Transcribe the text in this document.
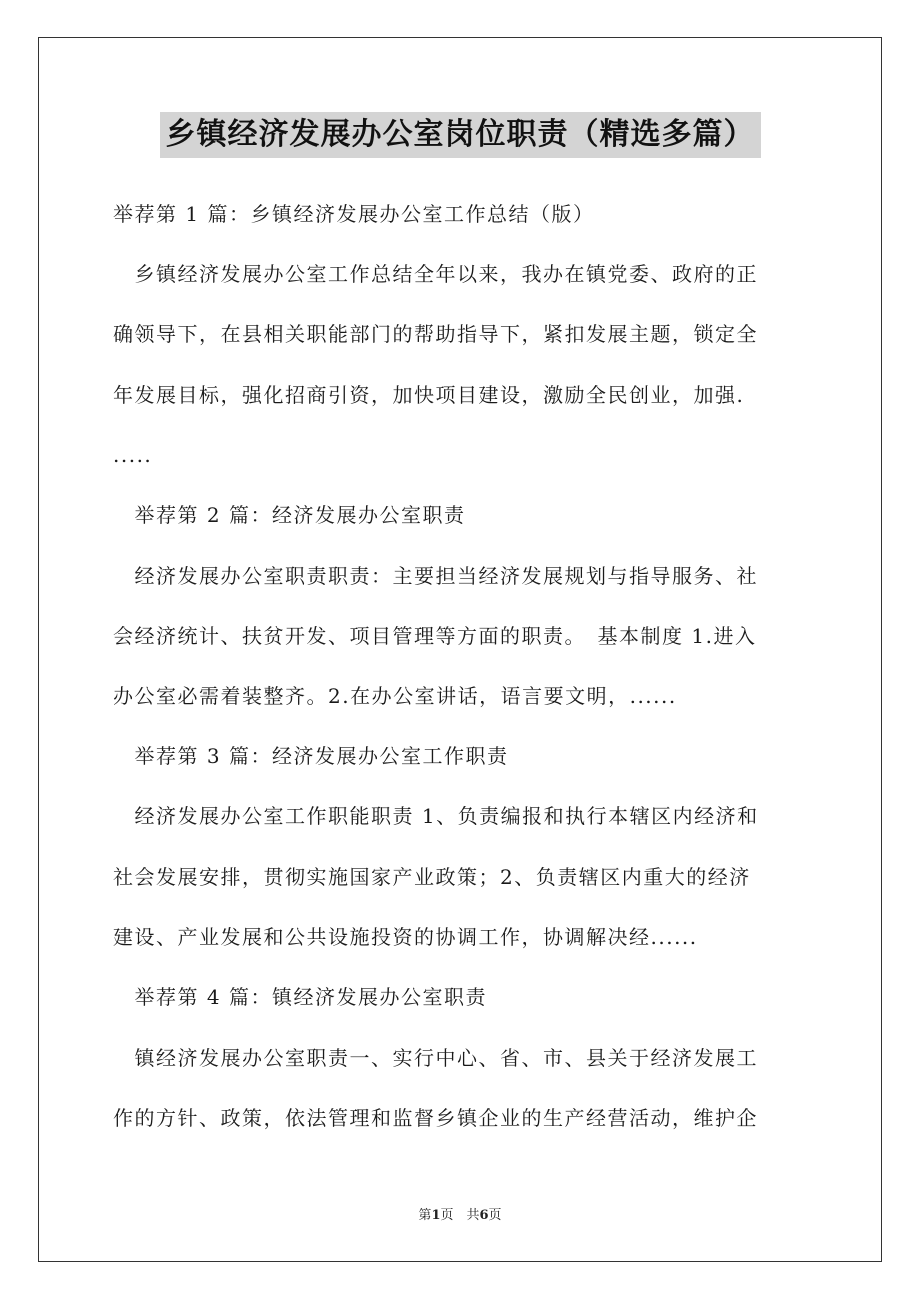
乡镇经济发展办公室岗位职责（精选多篇）
举荐第 1 篇：乡镇经济发展办公室工作总结（版）
　乡镇经济发展办公室工作总结全年以来，我办在镇党委、政府的正
确领导下，在县相关职能部门的帮助指导下，紧扣发展主题，锁定全
年发展目标，强化招商引资，加快项目建设，激励全民创业，加强.
.....
　举荐第 2 篇：经济发展办公室职责
　经济发展办公室职责职责：主要担当经济发展规划与指导服务、社
会经济统计、扶贫开发、项目管理等方面的职责。　基本制度 1.进入
办公室必需着装整齐。2.在办公室讲话，语言要文明，......
　举荐第 3 篇：经济发展办公室工作职责
　经济发展办公室工作职能职责 1、负责编报和执行本辖区内经济和
社会发展安排，贯彻实施国家产业政策；2、负责辖区内重大的经济
建设、产业发展和公共设施投资的协调工作，协调解决经......
　举荐第 4 篇：镇经济发展办公室职责
　镇经济发展办公室职责一、实行中心、省、市、县关于经济发展工
作的方针、政策，依法管理和监督乡镇企业的生产经营活动，维护企
第1页　共6页
